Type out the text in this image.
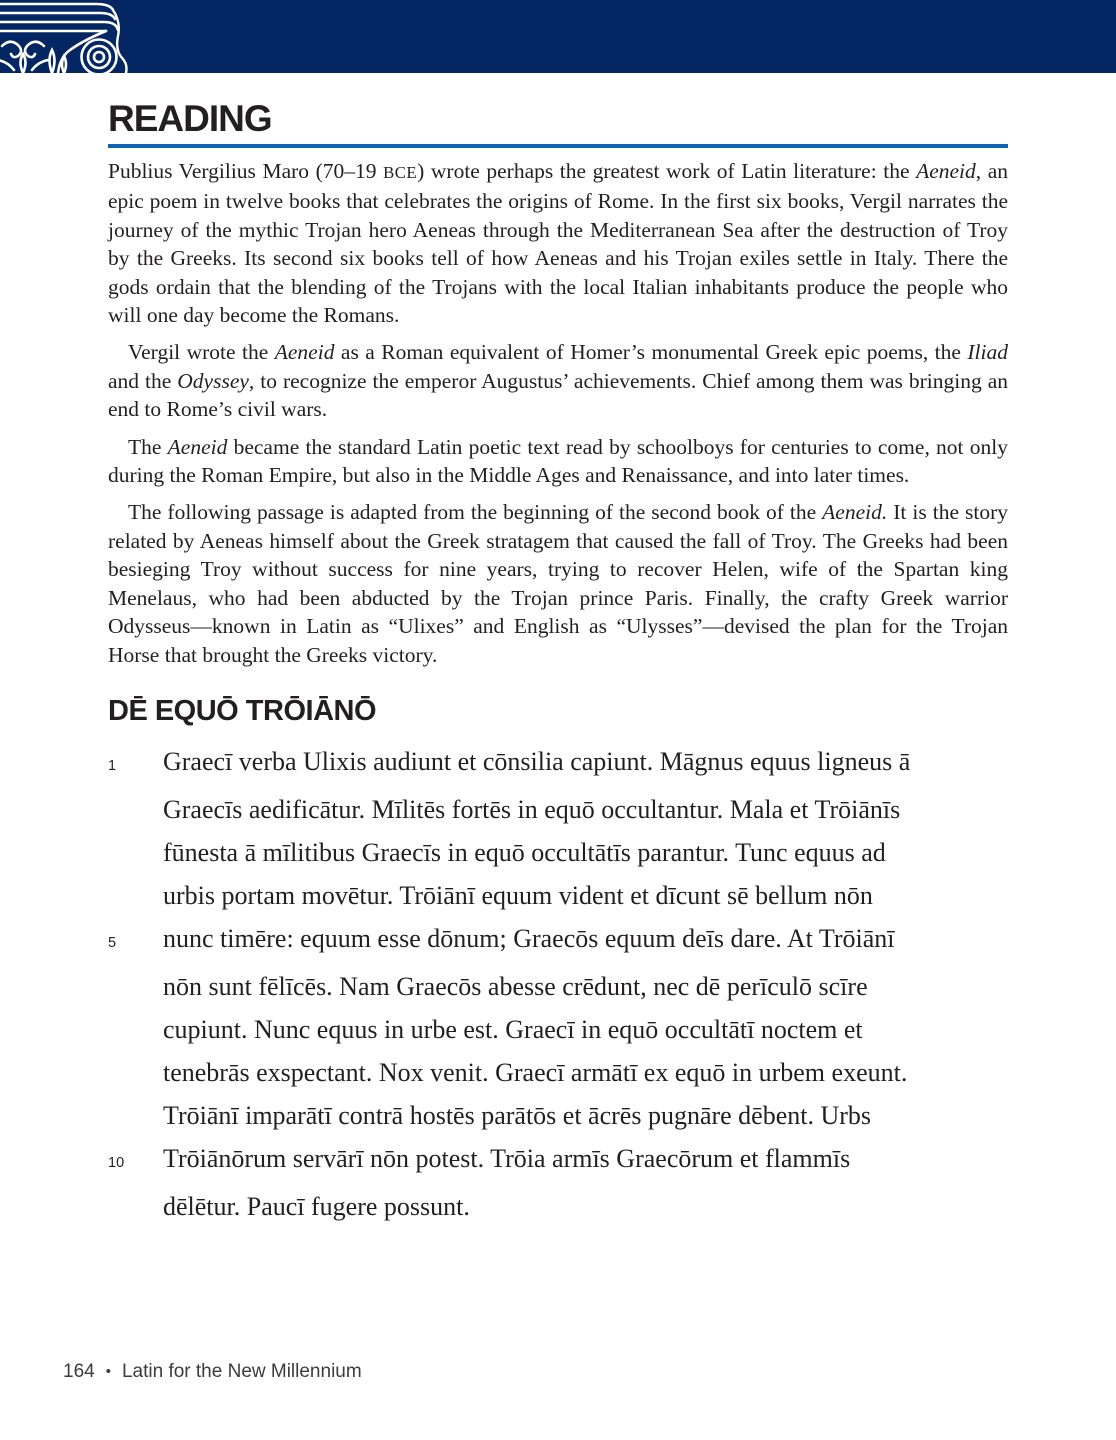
READING

Publius Vergilius Maro (70–19 BCE) wrote perhaps the greatest work of Latin literature: the Aeneid, an epic poem in twelve books that celebrates the origins of Rome. In the first six books, Vergil narrates the journey of the mythic Trojan hero Aeneas through the Mediterranean Sea after the destruction of Troy by the Greeks. Its second six books tell of how Aeneas and his Trojan exiles settle in Italy. There the gods ordain that the blending of the Trojans with the local Italian inhabitants produce the people who will one day become the Romans.

Vergil wrote the Aeneid as a Roman equivalent of Homer’s monumental Greek epic poems, the Iliad and the Odyssey, to recognize the emperor Augustus’ achievements. Chief among them was bringing an end to Rome’s civil wars.

The Aeneid became the standard Latin poetic text read by schoolboys for centuries to come, not only during the Roman Empire, but also in the Middle Ages and Renaissance, and into later times.

The following passage is adapted from the beginning of the second book of the Aeneid. It is the story related by Aeneas himself about the Greek stratagem that caused the fall of Troy. The Greeks had been besieging Troy without success for nine years, trying to recover Helen, wife of the Spartan king Menelaus, who had been abducted by the Trojan prince Paris. Finally, the crafty Greek warrior Odysseus—known in Latin as “Ulixes” and English as “Ulysses”—devised the plan for the Trojan Horse that brought the Greeks victory.

DĒ EQUŌ TRŌIĀNŌ
1	Graecī verba Ulixis audiunt et cōnsilia capiunt. Māgnus equus ligneus ā
Graecīs aedificātur. Mīlitēs fortēs in equō occultantur. Mala et Trōiānīs
fūnesta ā mīlitibus Graecīs in equō occultātīs parantur. Tunc equus ad
urbis portam movētur. Trōiānī equum vident et dīcunt sē bellum nōn
5	nunc timēre: equum esse dōnum; Graecōs equum deīs dare. At Trōiānī
nōn sunt fēlīcēs. Nam Graecōs abesse crēdunt, nec dē perīculō scīre
cupiunt. Nunc equus in urbe est. Graecī in equō occultātī noctem et
tenebrās exspectant. Nox venit. Graecī armātī ex equō in urbem exeunt.
Trōiānī imparātī contrā hostēs parātōs et ācrēs pugnāre dēbent. Urbs
10	Trōiānōrum servārī nōn potest. Trōia armīs Graecōrum et flammīs
dēlētur. Paucī fugere possunt.
164 • Latin for the New Millennium
